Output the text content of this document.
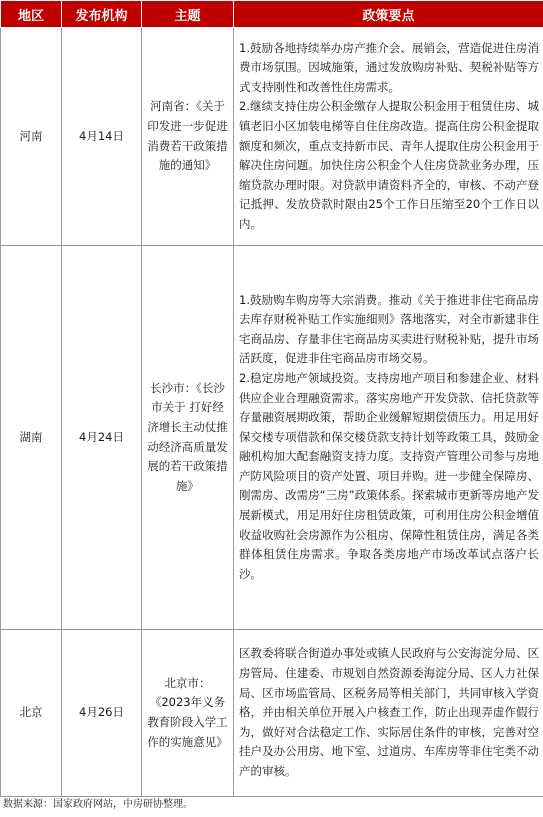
地区	发布机构	主题	政策要点
河南	4月14日	河南省：《关于印发进一步促进消费若干政策措施的通知》	1.鼓励各地持续举办房产推介会、展销会，营造促进住房消费市场氛围。因城施策，通过发放购房补贴、契税补贴等方式支持刚性和改善性住房需求。

2.继续支持住房公积金缴存人提取公积金用于租赁住房、城镇老旧小区加装电梯等自住住房改造。提高住房公积金提取额度和频次，重点支持新市民、青年人提取住房公积金用于解决住房问题。加快住房公积金个人住房贷款业务办理，压缩贷款办理时限。对贷款申请资料齐全的，审核、不动产登记抵押、发放贷款时限由25个工作日压缩至20个工作日以内。

湖南	4月24日	长沙市：《长沙市关于 打好经济增长主动仗推动经济高质量发展的若干政策措施》	1.鼓励购车购房等大宗消费。推动《关于推进非住宅商品房去库存财税补贴工作实施细则》落地落实，对全市新建非住宅商品房、存量非住宅商品房买卖进行财税补贴，提升市场活跃度，促进非住宅商品房市场交易。

2.稳定房地产领域投资。支持房地产项目和参建企业、材料供应企业合理融资需求。落实房地产开发贷款、信托贷款等存量融资展期政策，帮助企业缓解短期偿债压力。用足用好保交楼专项借款和保交楼贷款支持计划等政策工具，鼓励金融机构加大配套融资支持力度。支持资产管理公司参与房地产防风险项目的资产处置、项目并购。进一步健全保障房、刚需房、改需房“三房”政策体系。探索城市更新等房地产发展新模式，用足用好住房租赁政策，可利用住房公积金增值收益收购社会房源作为公租房、保障性租赁住房，满足各类群体租赁住房需求。争取各类房地产市场改革试点落户长沙。

北京	4月26日	北京市：《2023年义务教育阶段入学工作的实施意见》	区教委将联合街道办事处或镇人民政府与公安海淀分局、区房管局、住建委、市规划自然资源委海淀分局、区人力社保局、区市场监管局、区税务局等相关部门，共同审核入学资格，并由相关单位开展入户核查工作，防止出现弄虚作假行为，做好对合法稳定工作、实际居住条件的审核，完善对空挂户及办公用房、地下室、过道房、车库房等非住宅类不动产的审核。

数据来源：国家政府网站，中房研协整理。
